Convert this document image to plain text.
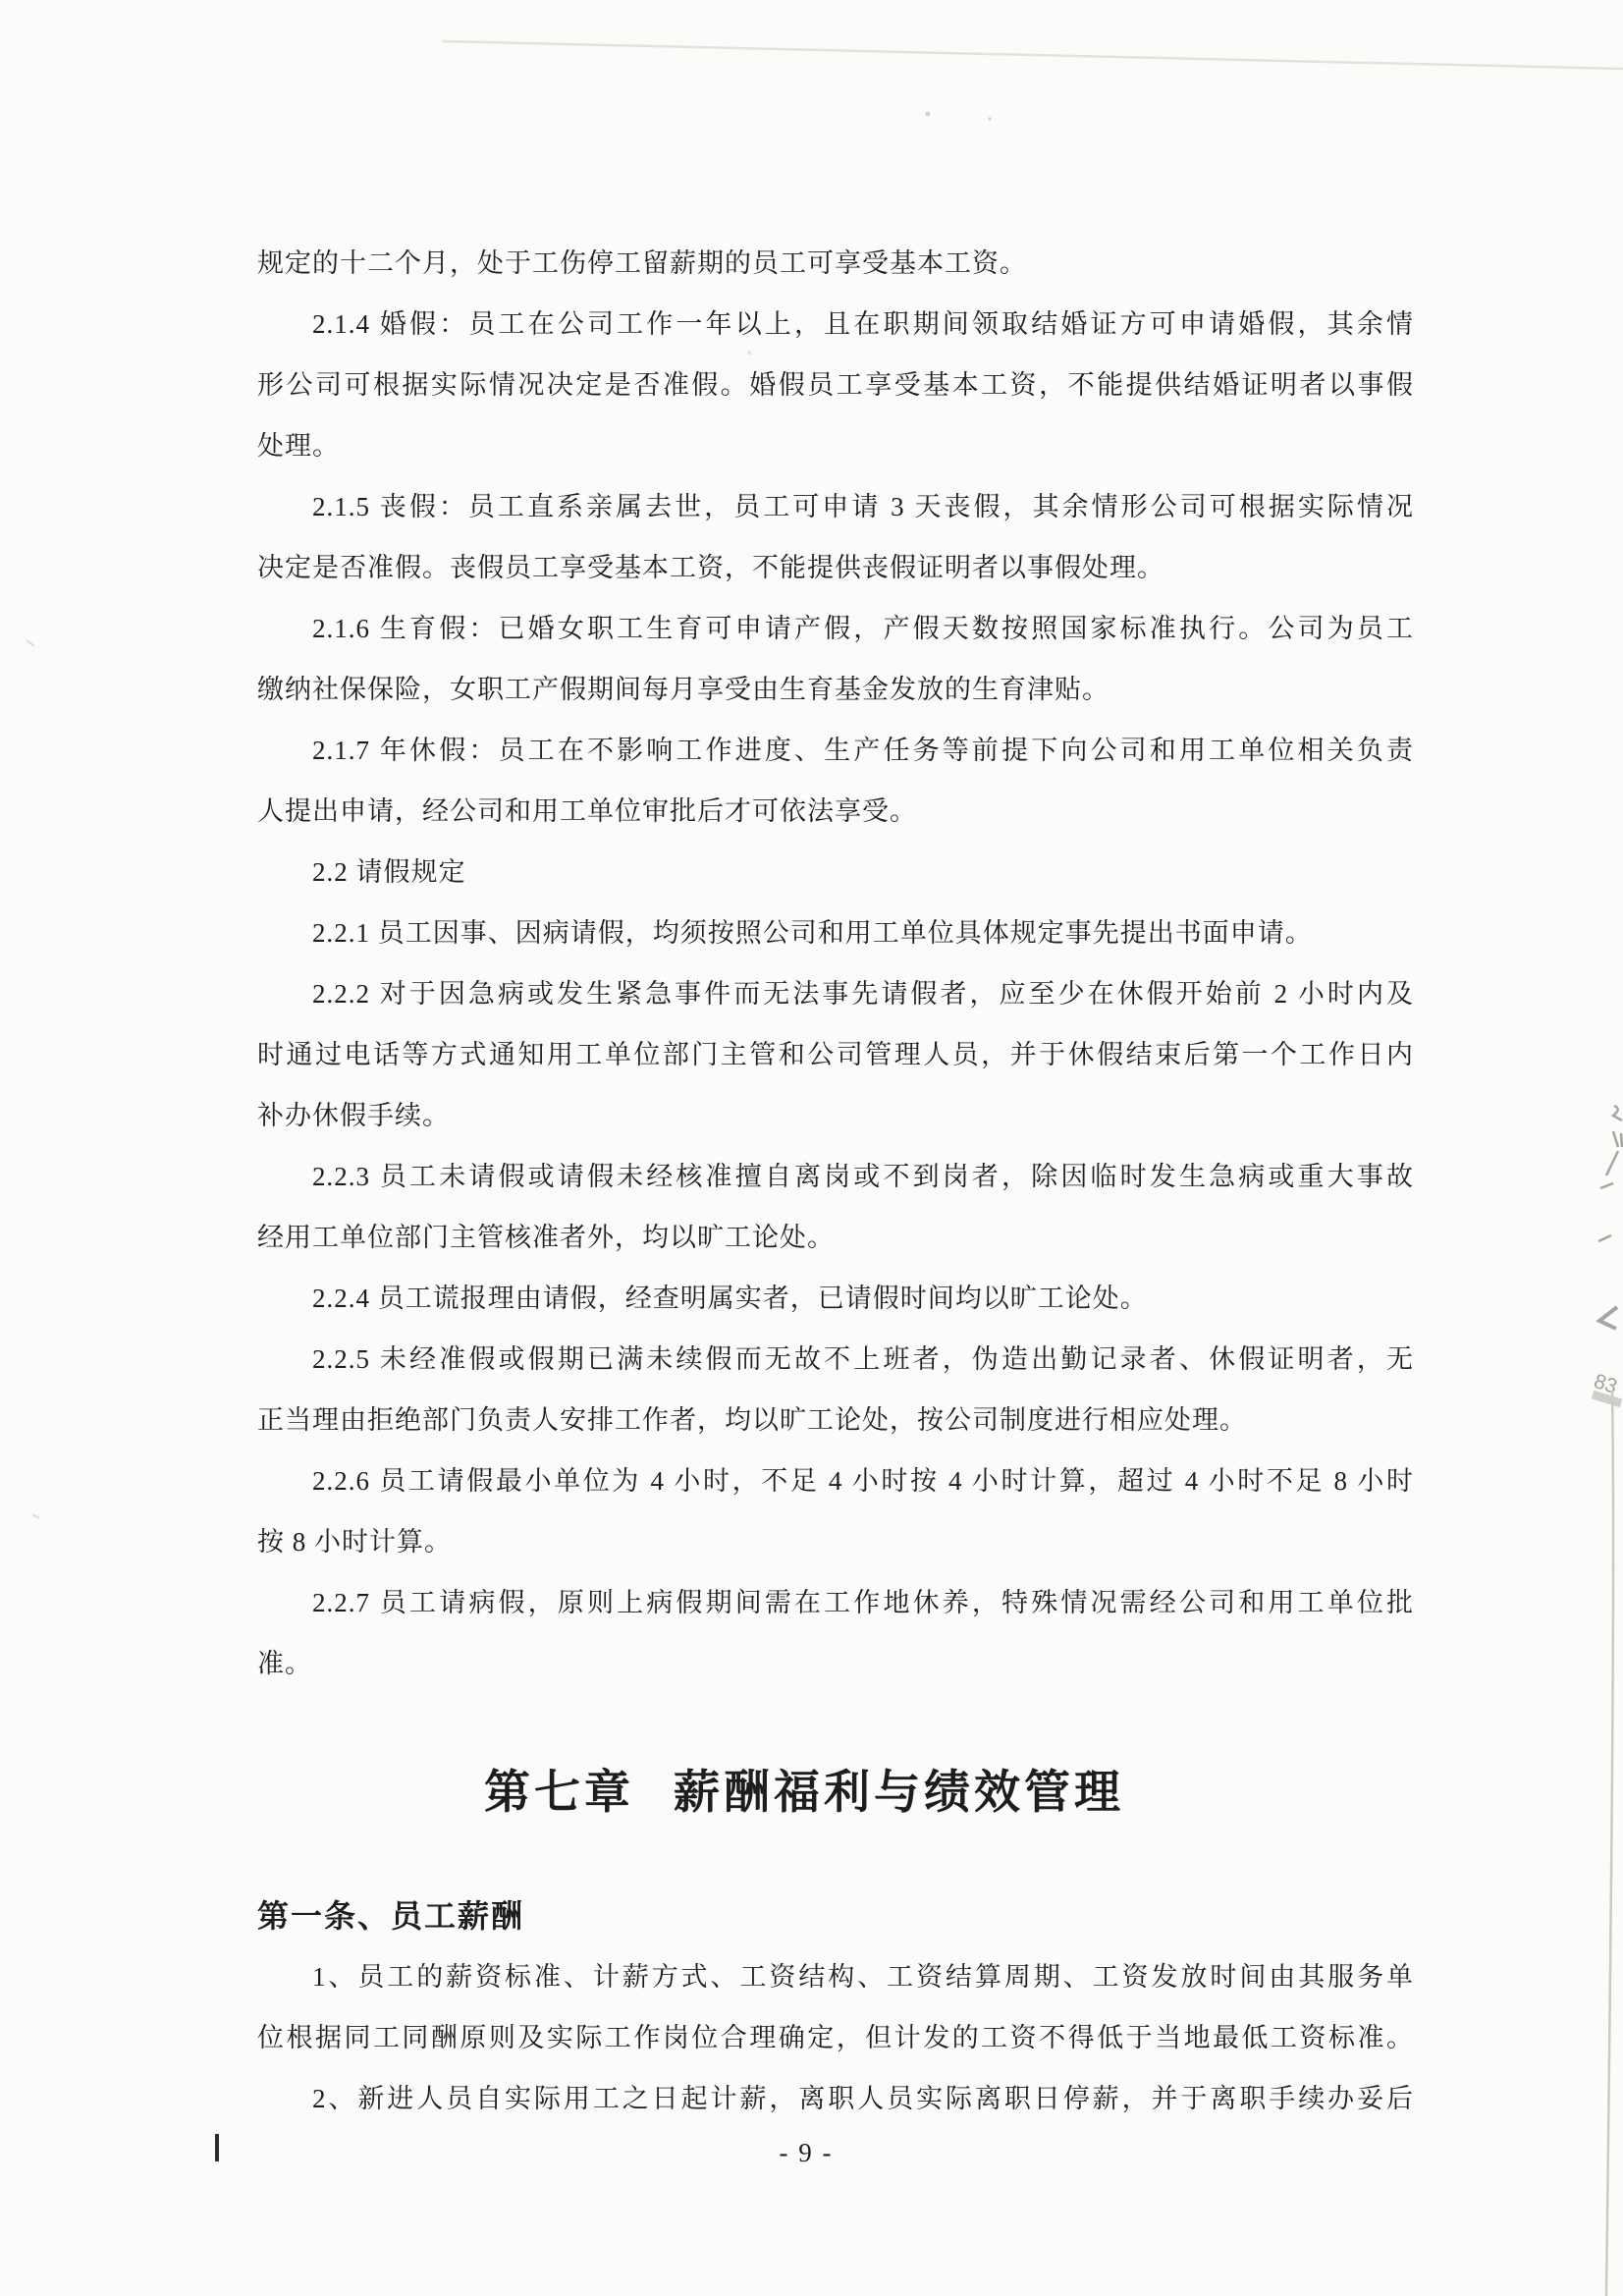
83
规定的十二个月，处于工伤停工留薪期的员工可享受基本工资。
2.1.4 婚假：员工在公司工作一年以上，且在职期间领取结婚证方可申请婚假，其余情
形公司可根据实际情况决定是否准假。婚假员工享受基本工资，不能提供结婚证明者以事假
处理。
2.1.5 丧假：员工直系亲属去世，员工可申请 3 天丧假，其余情形公司可根据实际情况
决定是否准假。丧假员工享受基本工资，不能提供丧假证明者以事假处理。
2.1.6 生育假：已婚女职工生育可申请产假，产假天数按照国家标准执行。公司为员工
缴纳社保保险，女职工产假期间每月享受由生育基金发放的生育津贴。
2.1.7 年休假：员工在不影响工作进度、生产任务等前提下向公司和用工单位相关负责
人提出申请，经公司和用工单位审批后才可依法享受。
2.2 请假规定
2.2.1 员工因事、因病请假，均须按照公司和用工单位具体规定事先提出书面申请。
2.2.2 对于因急病或发生紧急事件而无法事先请假者，应至少在休假开始前 2 小时内及
时通过电话等方式通知用工单位部门主管和公司管理人员，并于休假结束后第一个工作日内
补办休假手续。
2.2.3 员工未请假或请假未经核准擅自离岗或不到岗者，除因临时发生急病或重大事故
经用工单位部门主管核准者外，均以旷工论处。
2.2.4 员工谎报理由请假，经查明属实者，已请假时间均以旷工论处。
2.2.5 未经准假或假期已满未续假而无故不上班者，伪造出勤记录者、休假证明者，无
正当理由拒绝部门负责人安排工作者，均以旷工论处，按公司制度进行相应处理。
2.2.6 员工请假最小单位为 4 小时，不足 4 小时按 4 小时计算，超过 4 小时不足 8 小时
按 8 小时计算。
2.2.7 员工请病假，原则上病假期间需在工作地休养，特殊情况需经公司和用工单位批
准。
第七章 薪酬福利与绩效管理
第一条、员工薪酬
1、员工的薪资标准、计薪方式、工资结构、工资结算周期、工资发放时间由其服务单
位根据同工同酬原则及实际工作岗位合理确定，但计发的工资不得低于当地最低工资标准。
2、新进人员自实际用工之日起计薪，离职人员实际离职日停薪，并于离职手续办妥后
- 9 -
